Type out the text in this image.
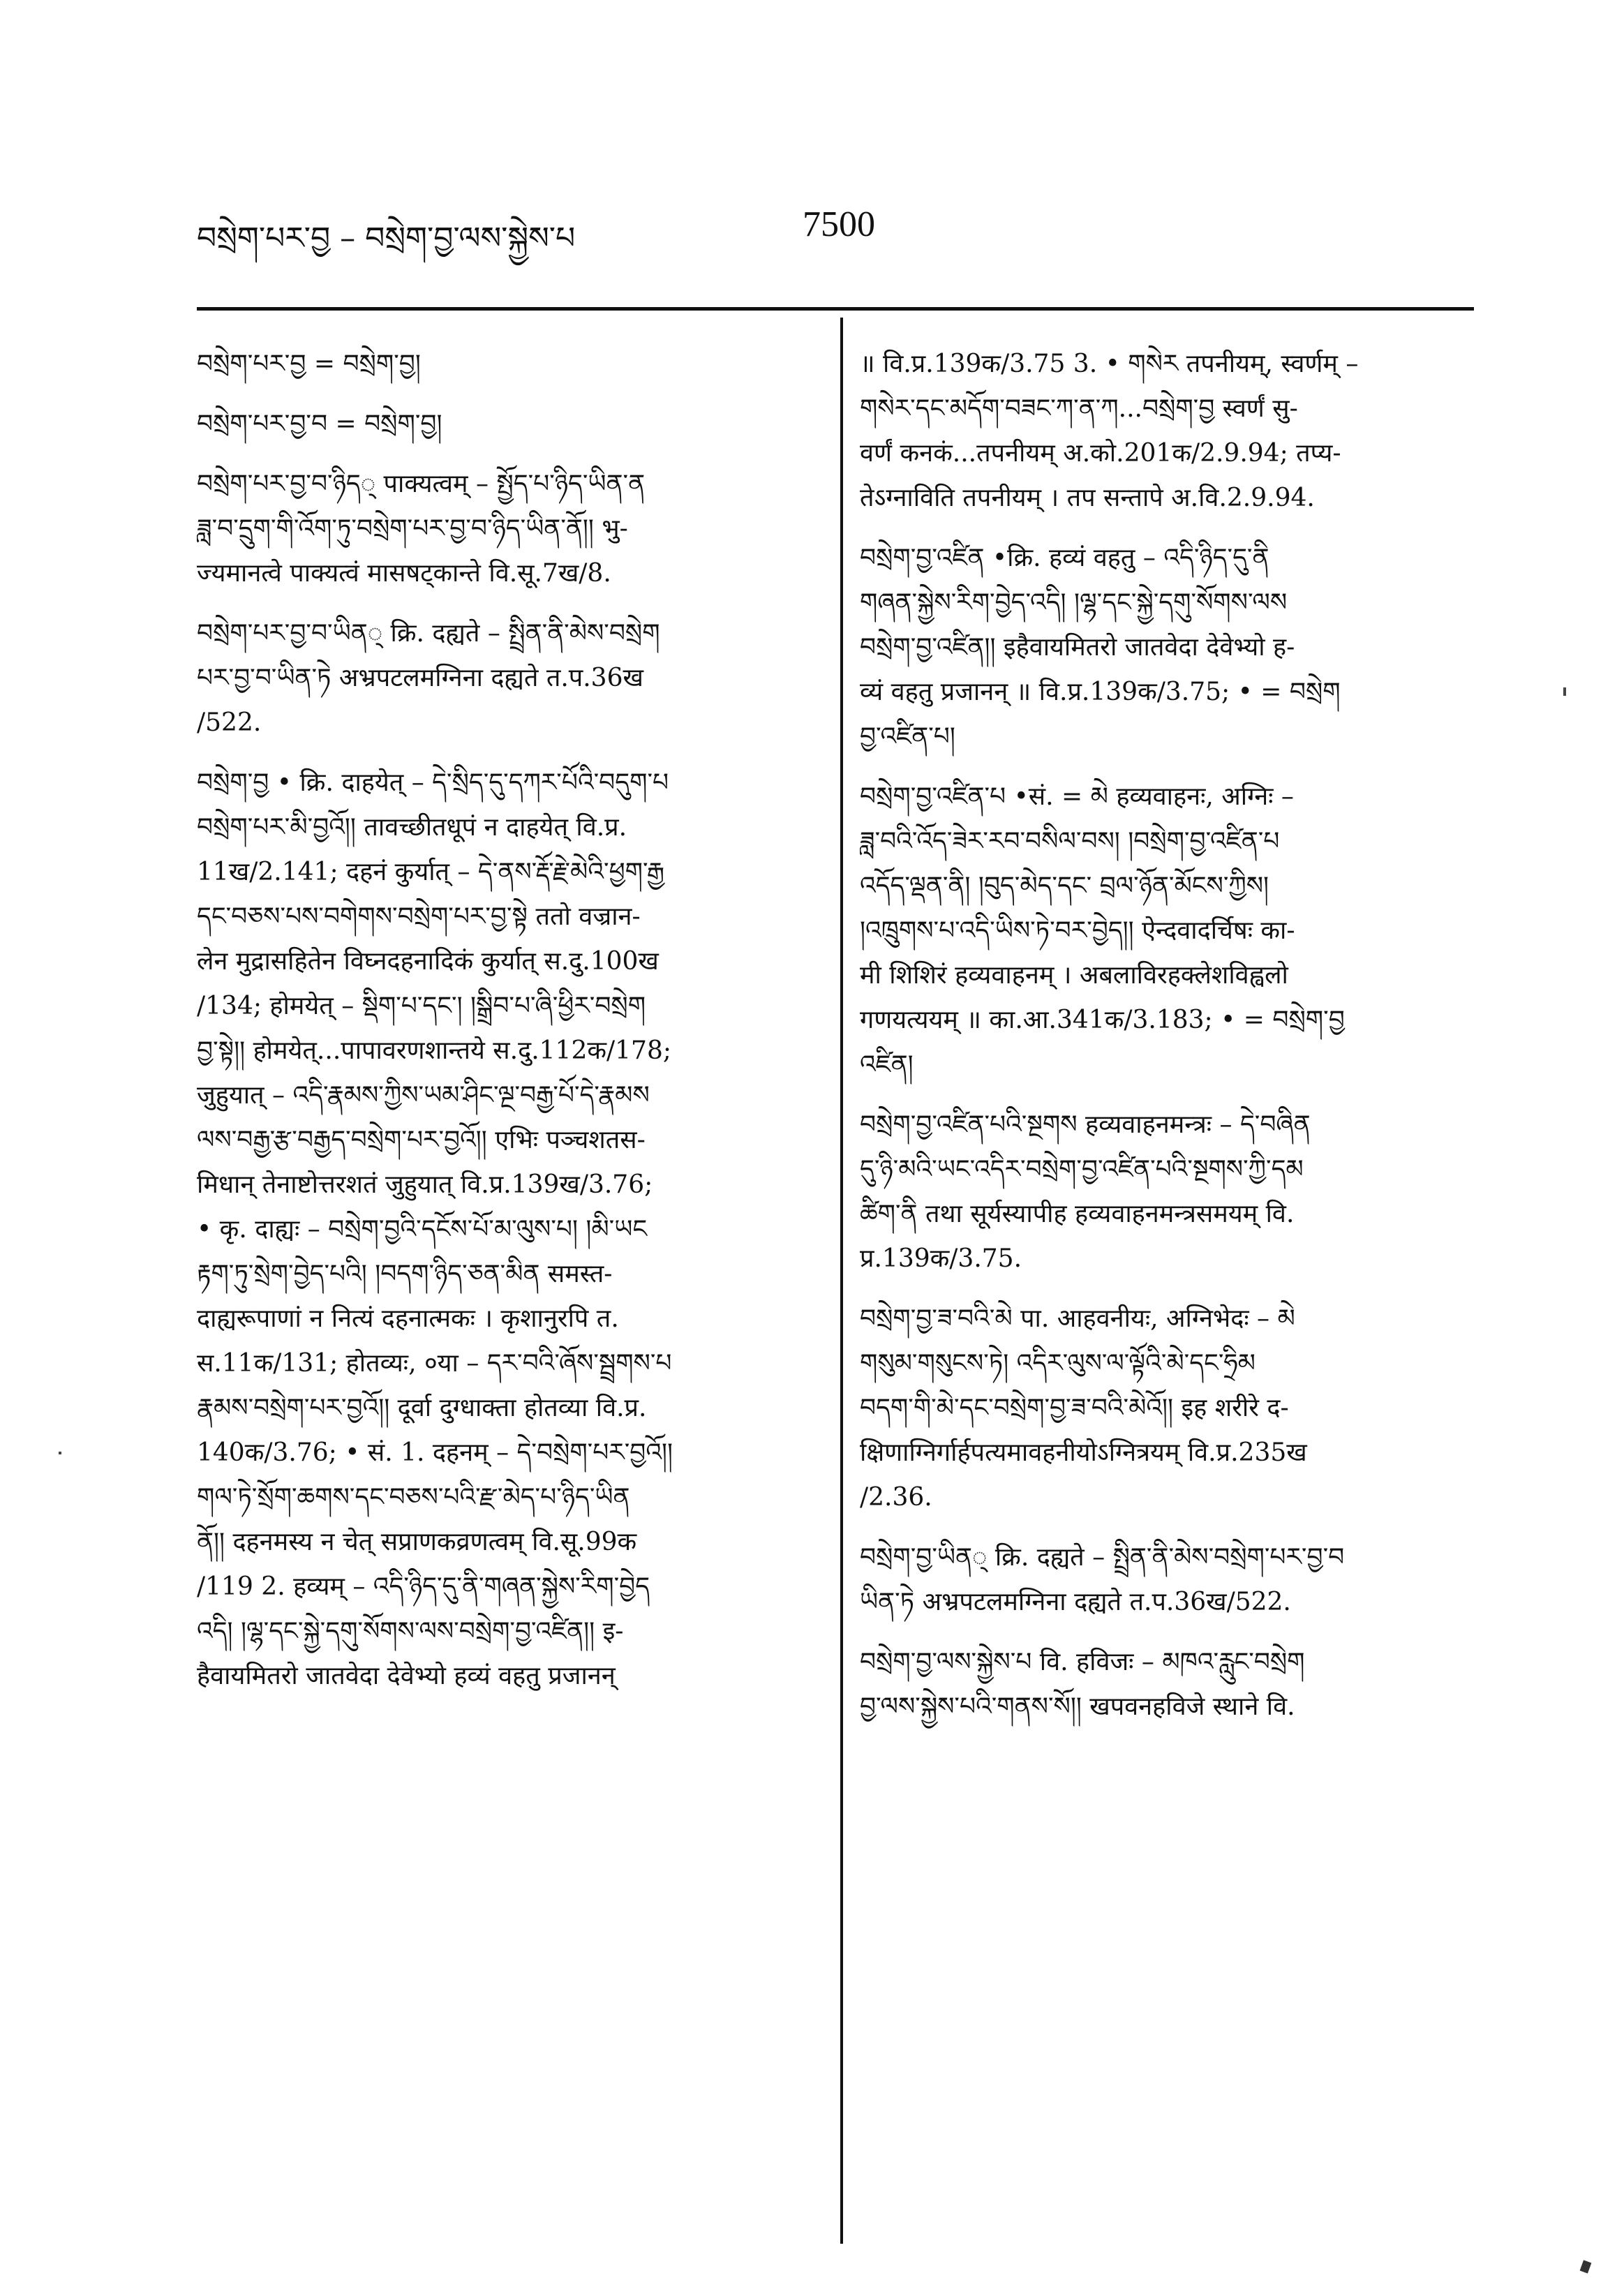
བསྲེག་པར་བྱ – བསྲེག་བྱ་ལས་སྐྱེས་པ	7500
བསྲེག་པར་བྱ = བསྲེག་བྱ།
བསྲེག་པར་བྱ་བ = བསྲེག་བྱ།
བསྲེག་པར་བྱ་བ་ཉིད् पाक्यत्वम् – སྤྱོད་པ་ཉིད་ཡིན་ན
ཟླ་བ་དྲུག་གི་འོག་ཏུ་བསྲེག་པར་བྱ་བ་ཉིད་ཡིན་ནོ།། भु-
ज्यमानत्वे पाक्यत्वं मासषट्कान्ते वि.सू.7ख/8.
བསྲེག་པར་བྱ་བ་ཡིན् क्रि. दह्यते – སྤྲིན་ནི་མེས་བསྲེག
པར་བྱ་བ་ཡིན་ཏེ अभ्रपटलमग्निना दह्यते त.प.36ख
/522.
བསྲེག་བྱ • क्रि. दाहयेत् – དེ་སྲིད་དུ་དཀར་པོའི་བདུག་པ
བསྲེག་པར་མི་བྱའོ།། तावच्छीतधूपं न दाहयेत् वि.प्र.
11ख/2.141; दहनं कुर्यात् – དེ་ནས་རྡོ་རྗེ་མེའི་ཕྱག་རྒྱ
དང་བཅས་པས་བགེགས་བསྲེག་པར་བྱ་སྟེ ततो वज्रान-
लेन मुद्रासहितेन विघ्नदहनादिकं कुर्यात् स.दु.100ख
/134; होमयेत् – སྡིག་པ་དང་། །སྒྲིབ་པ་ཞི་ཕྱིར་བསྲེག
བྱ་སྟེ།། होमयेत्...पापावरणशान्तये स.दु.112क/178;
जुहुयात् – འདི་རྣམས་ཀྱིས་ཡམ་ཤིང་ལྔ་བརྒྱ་པོ་དེ་རྣམས
ལས་བརྒྱ་རྩ་བརྒྱད་བསྲེག་པར་བྱའོ།། एभिः पञ्चशतस-
मिधान् तेनाष्टोत्तरशतं जुहुयात् वि.प्र.139ख/3.76;
• कृ. दाह्यः – བསྲེག་བྱའི་དངོས་པོ་མ་ལུས་པ། །མི་ཡང
རྟག་ཏུ་སྲེག་བྱེད་པའི། །བདག་ཉིད་ཅན་མིན समस्त-
दाह्यरूपाणां न नित्यं दहनात्मकः । कृशानुरपि त.
स.11क/131; होतव्यः, ०या – དར་བའི་ཞོས་སྦྲགས་པ
རྣམས་བསྲེག་པར་བྱའོ།། दूर्वा दुग्धाक्ता होतव्या वि.प्र.
140क/3.76; • सं. 1. दहनम् – དེ་བསྲེག་པར་བྱའོ།།
གལ་ཏེ་སྲོག་ཆགས་དང་བཅས་པའི་རྫ་མེད་པ་ཉིད་ཡིན
ནོ།། दहनमस्य न चेत् सप्राणकव्रणत्वम् वि.सू.99क
/119 2. हव्यम् – འདི་ཉིད་དུ་ནི་གཞན་སྐྱེས་རིག་བྱེད
འདི། །ལྷ་དང་སྐྱེ་དགུ་སོགས་ལས་བསྲེག་བྱ་འཛིན།། इ-
हैवायमितरो जातवेदा देवेभ्यो हव्यं वहतु प्रजानन्
॥ वि.प्र.139क/3.75 3. • གསེར तपनीयम्, स्वर्णम् –
གསེར་དང་མདོག་བཟང་ཀ་ན་ཀ...བསྲེག་བྱ स्वर्णं सु-
वर्णं कनकं...तपनीयम् अ.को.201क/2.9.94; तप्य-
तेऽग्नाविति तपनीयम् । तप सन्तापे अ.वि.2.9.94.
བསྲེག་བྱ་འཛིན •क्रि. हव्यं वहतु – འདི་ཉིད་དུ་ནི
གཞན་སྐྱེས་རིག་བྱེད་འདི། །ལྷ་དང་སྐྱེ་དགུ་སོགས་ལས
བསྲེག་བྱ་འཛིན།། इहैवायमितरो जातवेदा देवेभ्यो ह-
व्यं वहतु प्रजानन् ॥ वि.प्र.139क/3.75; • = བསྲེག
བྱ་འཛིན་པ།
བསྲེག་བྱ་འཛིན་པ •सं. = མེ हव्यवाहनः, अग्निः –
ཟླ་བའི་འོད་ཟེར་རབ་བསིལ་བས། །བསྲེག་བྱ་འཛིན་པ
འདོད་ལྡན་ནི། །བུད་མེད་དང་ བྲལ་ཉོན་མོངས་ཀྱིས།
།འཁྲུགས་པ་འདི་ཡིས་ཏེ་བར་བྱེད།། ऐन्दवादर्चिषः का-
मी शिशिरं हव्यवाहनम् । अबलाविरहक्लेशविह्वलो
गणयत्ययम् ॥ का.आ.341क/3.183; • = བསྲེག་བྱ
འཛིན།
བསྲེག་བྱ་འཛིན་པའི་སྔགས हव्यवाहनमन्त्रः – དེ་བཞིན
དུ་ཉི་མའི་ཡང་འདིར་བསྲེག་བྱ་འཛིན་པའི་སྔགས་ཀྱི་དམ
ཚིག་ནི तथा सूर्यस्यापीह हव्यवाहनमन्त्रसमयम् वि.
प्र.139क/3.75.
བསྲེག་བྱ་ཟ་བའི་མེ पा. आहवनीयः, अग्निभेदः – མེ
གསུམ་གསུངས་ཏེ། འདིར་ལུས་ལ་ལྟོའི་མེ་དང་ཧྲིམ
བདག་གི་མེ་དང་བསྲེག་བྱ་ཟ་བའི་མེའོ།། इह शरीरे द-
क्षिणाग्निर्गार्हपत्यमावहनीयोऽग्नित्रयम् वि.प्र.235ख
/2.36.
བསྲེག་བྱ་ཡིན् क्रि. दह्यते – སྤྲིན་ནི་མེས་བསྲེག་པར་བྱ་བ
ཡིན་ཏེ अभ्रपटलमग्निना दह्यते त.प.36ख/522.
བསྲེག་བྱ་ལས་སྐྱེས་པ वि. हविजः – མཁའ་རླུང་བསྲེག
བྱ་ལས་སྐྱེས་པའི་གནས་སོ།། खपवनहविजे स्थाने वि.
